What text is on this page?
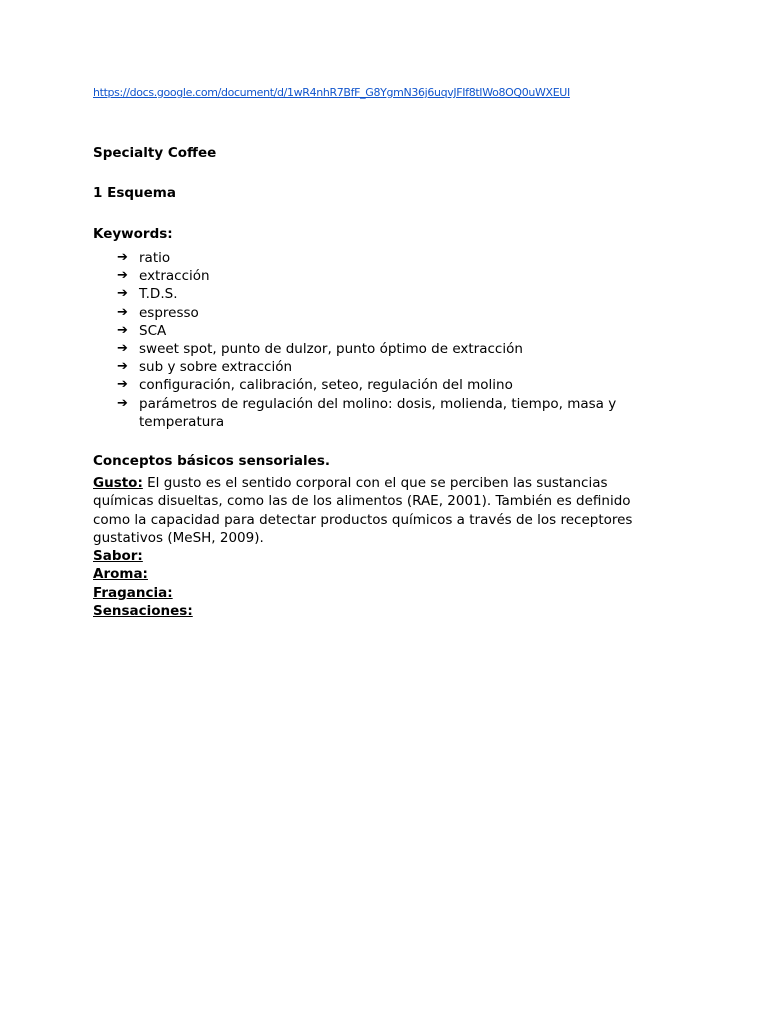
https://docs.google.com/document/d/1wR4nhR7BfF_G8YgmN36j6uqvJFIf8tIWo8OQ0uWXEUI

Specialty Coffee

1 Esquema

Keywords:

➔ ratio
➔ extracción
➔ T.D.S.
➔ espresso
➔ SCA
➔ sweet spot, punto de dulzor, punto óptimo de extracción
➔ sub y sobre extracción
➔ configuración, calibración, seteo, regulación del molino
➔ parámetros de regulación del molino: dosis, molienda, tiempo, masa y temperatura

Conceptos básicos sensoriales.

Gusto: El gusto es el sentido corporal con el que se perciben las sustancias químicas disueltas, como las de los alimentos (RAE, 2001). También es definido como la capacidad para detectar productos químicos a través de los receptores gustativos (MeSH, 2009).

Sabor:

Aroma:

Fragancia:

Sensaciones:
